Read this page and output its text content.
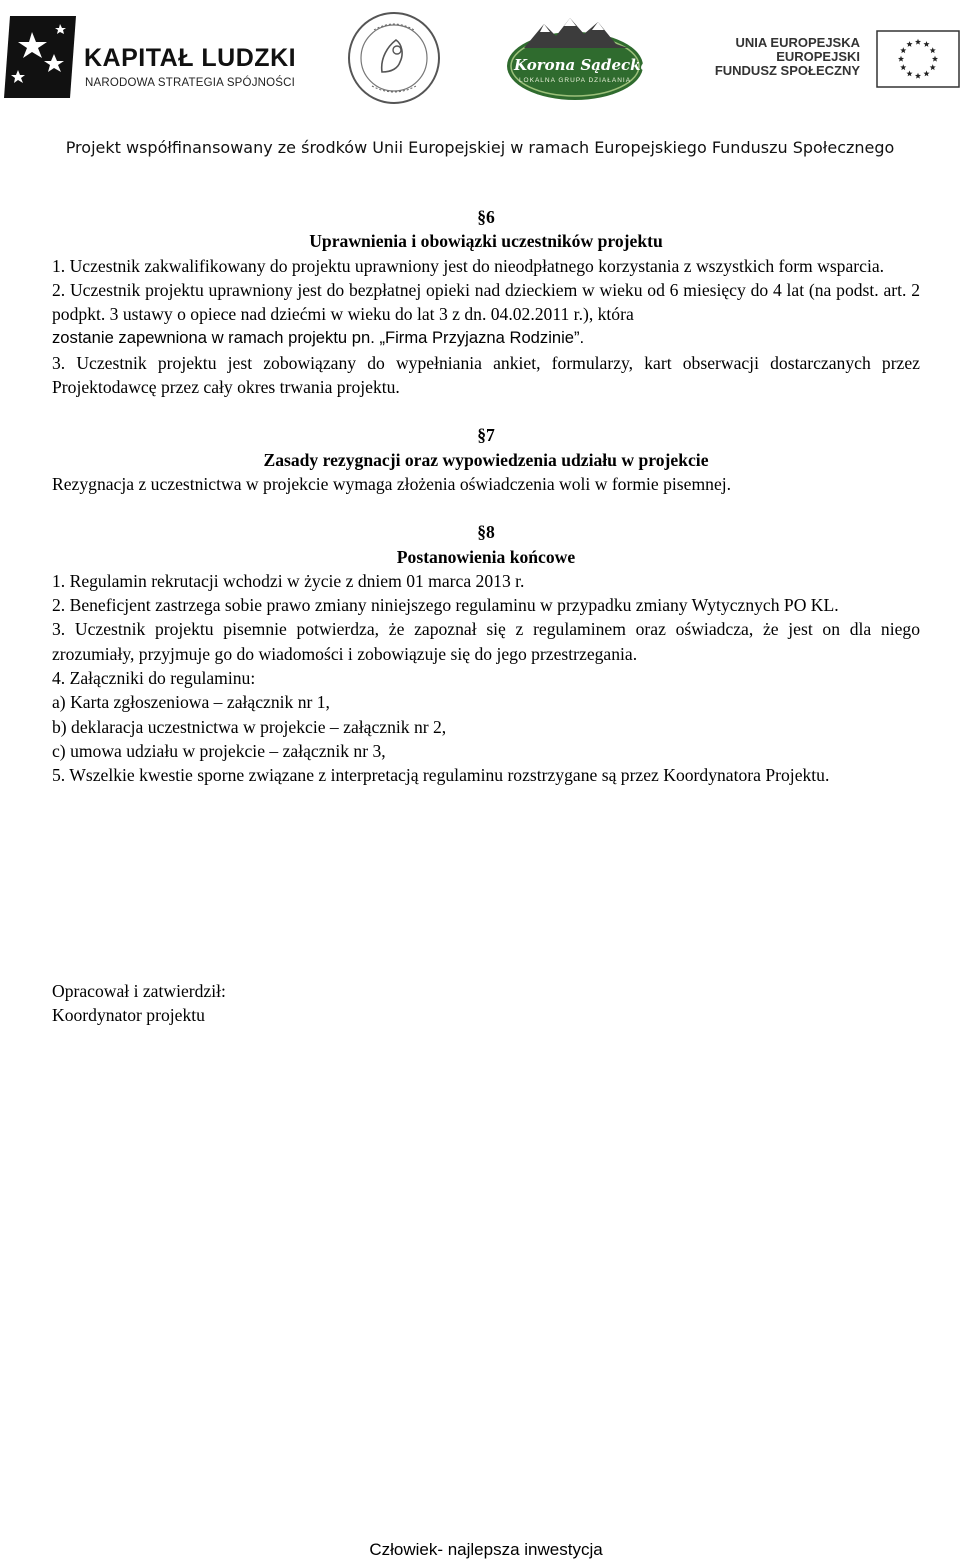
KAPITAŁ LUDZKI
NARODOWA STRATEGIA SPÓJNOŚCI
Korona Sądecka
LOKALNA GRUPA DZIAŁANIA
UNIA EUROPEJSKA
EUROPEJSKI
FUNDUSZ SPOŁECZNY
Projekt współfinansowany ze środków Unii Europejskiej w ramach Europejskiego Funduszu Społecznego

§6

Uprawnienia i obowiązki uczestników projektu

1. Uczestnik zakwalifikowany do projektu uprawniony jest do nieodpłatnego korzystania z wszystkich form wsparcia.

2. Uczestnik projektu uprawniony jest do bezpłatnej opieki nad dzieckiem w wieku od 6 miesięcy do 4 lat (na podst. art. 2 podpkt. 3 ustawy o opiece nad dziećmi w wieku do lat 3 z dn. 04.02.2011 r.), która

zostanie zapewniona w ramach projektu pn. „Firma Przyjazna Rodzinie”.

3. Uczestnik projektu jest zobowiązany do wypełniania ankiet, formularzy, kart obserwacji dostarczanych przez Projektodawcę przez cały okres trwania projektu.

§7

Zasady rezygnacji oraz wypowiedzenia udziału w projekcie

Rezygnacja z uczestnictwa w projekcie wymaga złożenia oświadczenia woli w formie pisemnej.

§8

Postanowienia końcowe

1. Regulamin rekrutacji wchodzi w życie z dniem 01 marca 2013 r.

2. Beneficjent zastrzega sobie prawo zmiany niniejszego regulaminu w przypadku zmiany Wytycznych PO KL.

3. Uczestnik projektu pisemnie potwierdza, że zapoznał się z regulaminem oraz oświadcza, że jest on dla niego zrozumiały, przyjmuje go do wiadomości i zobowiązuje się do jego przestrzegania.

4. Załączniki do regulaminu:

a) Karta zgłoszeniowa – załącznik nr 1,

b) deklaracja uczestnictwa w projekcie – załącznik nr 2,

c) umowa udziału w projekcie – załącznik nr 3,

5. Wszelkie kwestie sporne związane z interpretacją regulaminu rozstrzygane są przez Koordynatora Projektu.

Opracował i zatwierdził:

Koordynator projektu

Człowiek- najlepsza inwestycja
